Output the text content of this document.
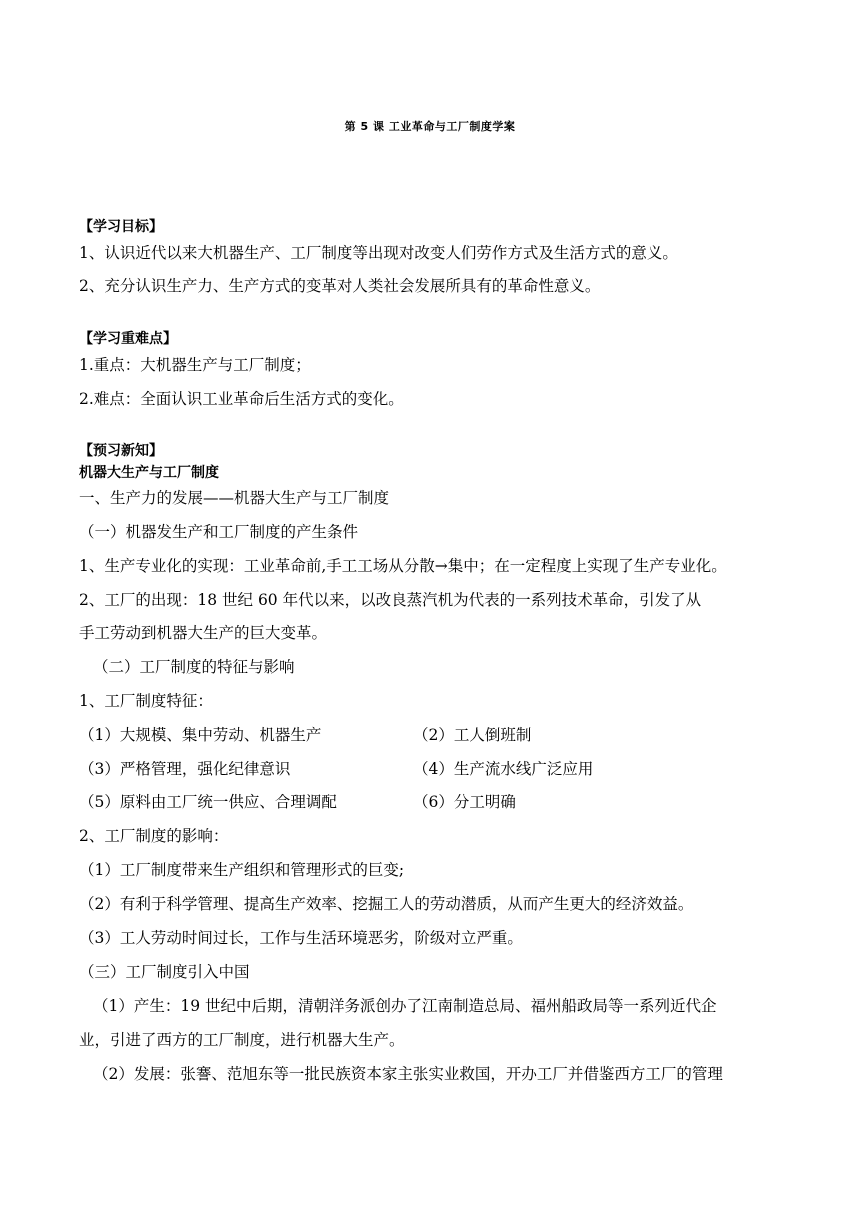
第 5 课 工业革命与工厂制度学案
【学习目标】
1、认识近代以来大机器生产、工厂制度等出现对改变人们劳作方式及生活方式的意义。
2、充分认识生产力、生产方式的变革对人类社会发展所具有的革命性意义。
【学习重难点】
1.重点：大机器生产与工厂制度；
2.难点：全面认识工业革命后生活方式的变化。
【预习新知】
机器大生产与工厂制度
一、生产力的发展——机器大生产与工厂制度
（一）机器发生产和工厂制度的产生条件
1、生产专业化的实现：工业革命前,手工工场从分散→集中；在一定程度上实现了生产专业化。
2、工厂的出现：18 世纪 60 年代以来，以改良蒸汽机为代表的一系列技术革命，引发了从
手工劳动到机器大生产的巨大变革。
（二）工厂制度的特征与影响
1、工厂制度特征：
（1）大规模、集中劳动、机器生产	（2）工人倒班制
（3）严格管理，强化纪律意识	（4）生产流水线广泛应用
（5）原料由工厂统一供应、合理调配	（6）分工明确
2、工厂制度的影响：
（1）工厂制度带来生产组织和管理形式的巨变;
（2）有利于科学管理、提高生产效率、挖掘工人的劳动潜质，从而产生更大的经济效益。
（3）工人劳动时间过长，工作与生活环境恶劣，阶级对立严重。
（三）工厂制度引入中国
（1）产生：19 世纪中后期，清朝洋务派创办了江南制造总局、福州船政局等一系列近代企
业，引进了西方的工厂制度，进行机器大生产。
（2）发展：张謇、范旭东等一批民族资本家主张实业救国，开办工厂并借鉴西方工厂的管理
